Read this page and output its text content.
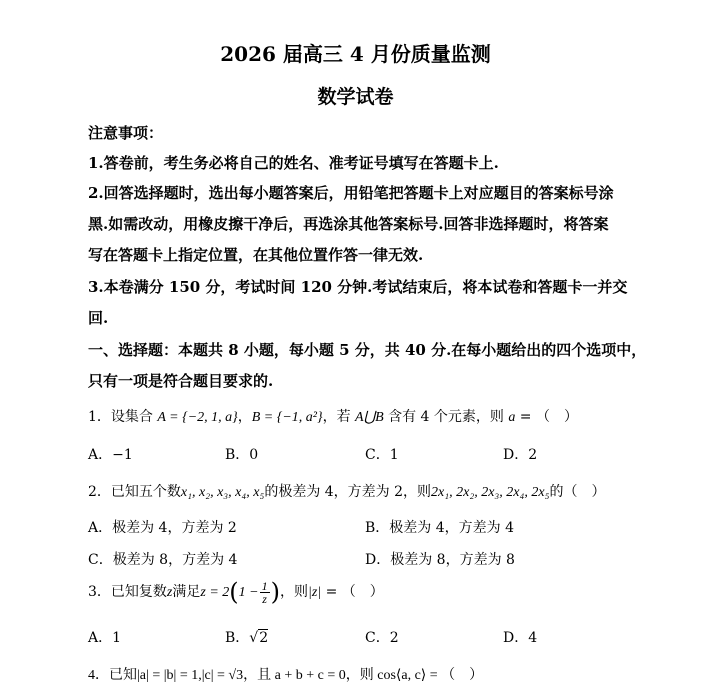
2026 届高三 4 月份质量监测
数学试卷
注意事项：
1.答卷前，考生务必将自己的姓名、准考证号填写在答题卡上.
2.回答选择题时，选出每小题答案后，用铅笔把答题卡上对应题目的答案标号涂
黑.如需改动，用橡皮擦干净后，再选涂其他答案标号.回答非选择题时，将答案
写在答题卡上指定位置，在其他位置作答一律无效.
3.本卷满分 150 分，考试时间 120 分钟.考试结束后，将本试卷和答题卡一并交
回.
一、选择题：本题共 8 小题，每小题 5 分，共 40 分.在每小题给出的四个选项中，
只有一项是符合题目要求的.
1．设集合 A = {−2, 1, a}，B = {−1, a²}，若 A⋃B 含有 4 个元素，则 a = （　）
A．−1	B．0	C．1	D．2
2．已知五个数x₁, x₂, x₃, x₄, x₅的极差为 4，方差为 2，则2x₁, 2x₂, 2x₃, 2x₄, 2x₅的（　）
A．极差为 4，方差为 2	B．极差为 4，方差为 4
C．极差为 8，方差为 4	D．极差为 8，方差为 8
3．已知复数z满足$z = 2(1 - \frac{1}{z}$ )，则|z| = （　）
A．1	B．√2	C．2	D．4
4．已知|a| = |b| = 1,|c| = √3，且 a + b + c = 0，则 cos⟨a, c⟩ = （　）
